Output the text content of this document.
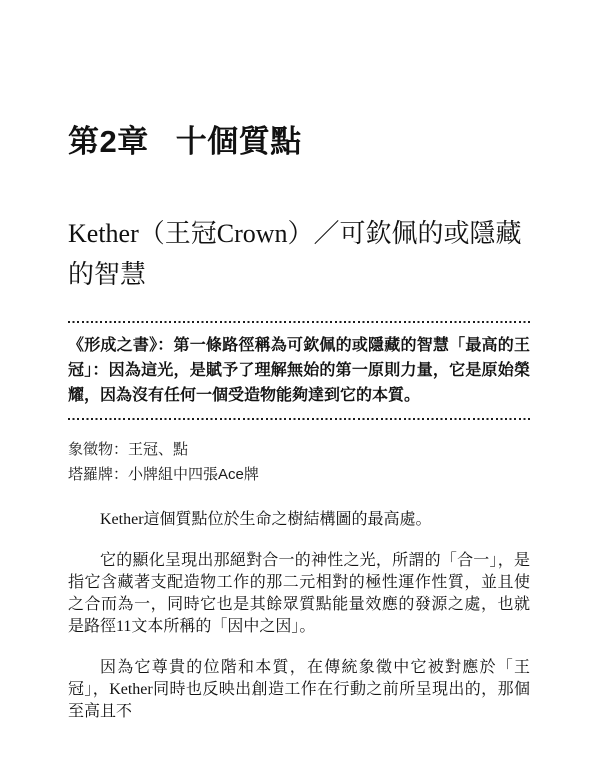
第2章 十個質點
Kether（王冠Crown）／可欽佩的或隱藏的智慧

《形成之書》：第一條路徑稱為可欽佩的或隱藏的智慧「最高的王冠」：因為這光，是賦予了理解無始的第一原則力量，它是原始榮耀，因為沒有任何一個受造物能夠達到它的本質。

象徵物：王冠、點

塔羅牌：小牌組中四張Ace牌

Kether這個質點位於生命之樹結構圖的最高處。

它的顯化呈現出那絕對合一的神性之光，所謂的「合一」，是指它含藏著支配造物工作的那二元相對的極性運作性質，並且使之合而為一，同時它也是其餘眾質點能量效應的發源之處，也就是路徑11文本所稱的「因中之因」。

因為它尊貴的位階和本質，在傳統象徵中它被對應於「王冠」，Kether同時也反映出創造工作在行動之前所呈現出的，那個至高且不
